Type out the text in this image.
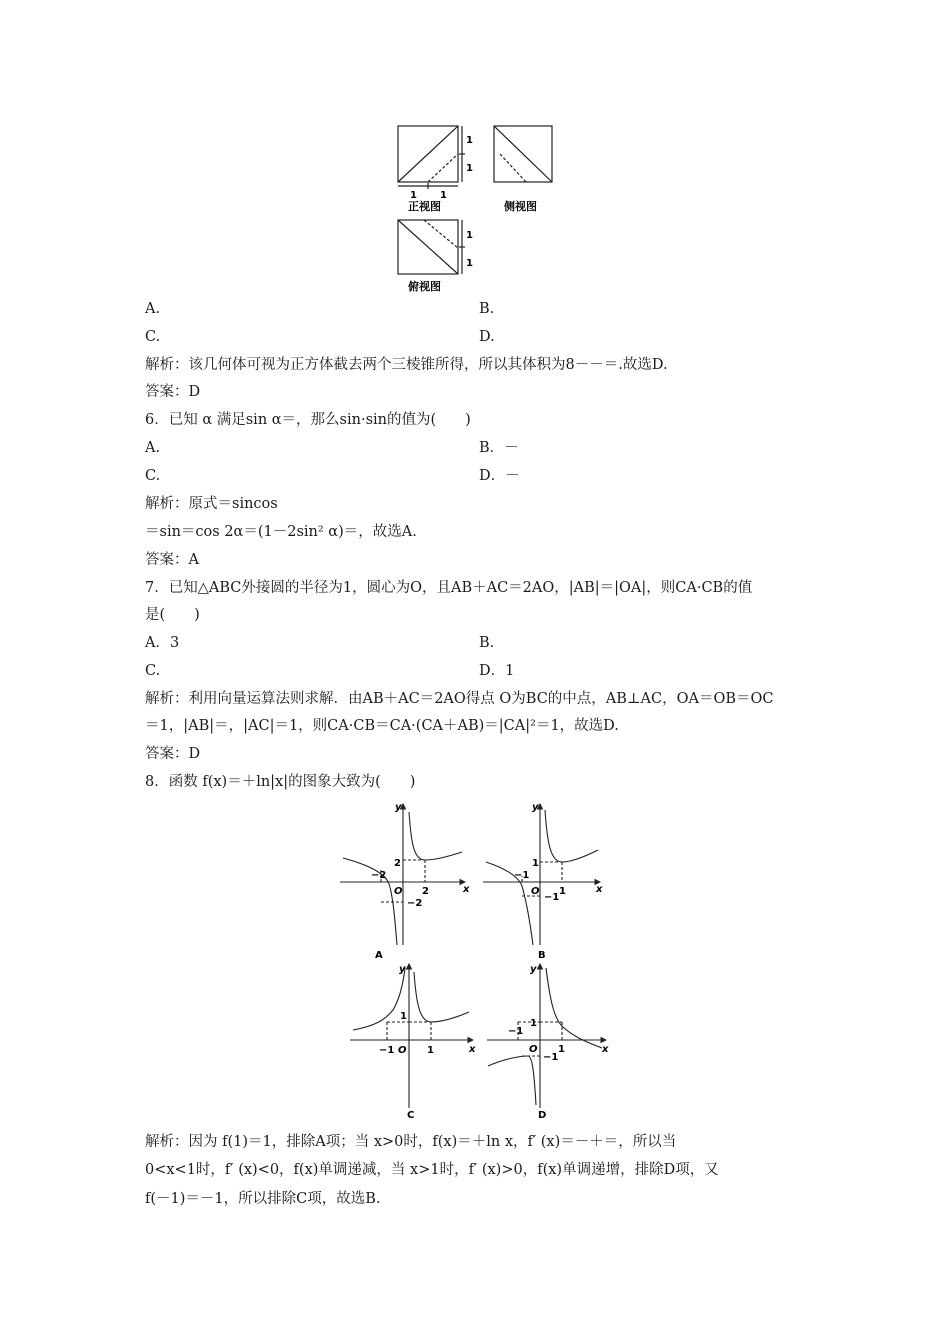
1
1
1 1
1
1
正视图	侧视图
俯视图
A.	B.
C.	D.
解析：该几何体可视为正方体截去两个三棱锥所得，所以其体积为8－－＝.故选D.
答案：D
6．已知 α 满足sin α＝，那么sin·sin的值为(　　)
A.	B．－
C.	D．－
解析：原式＝sincos
＝sin＝cos 2α＝(1－2sin² α)＝，故选A.
答案：A
7．已知△ABC外接圆的半径为1，圆心为O，且AB＋AC＝2AO，|AB|＝|OA|，则CA·CB的值
是(　　)
A．3	B.
C.	D．1
解析：利用向量运算法则求解．由AB＋AC＝2AO得点 O为BC的中点，AB⊥AC，OA＝OB＝OC
＝1，|AB|＝，|AC|＝1，则CA·CB＝CA·(CA＋AB)＝|CA|²＝1，故选D.
答案：D
8．函数 f(x)＝＋ln|x|的图象大致为(　　)
y
x
O
2
−2
2
−2
A
y
x
O
1
−1
1
−1
B
y
x
O
1
1
−1
C
y
x
O
1
−1
1
−1
D
解析：因为 f(1)＝1，排除A项；当 x>0时，f(x)＝＋ln x，f′ (x)＝－＋＝，所以当
0<x<1时，f′ (x)<0，f(x)单调递减，当 x>1时，f′ (x)>0，f(x)单调递增，排除D项，又
f(－1)＝－1，所以排除C项，故选B.
